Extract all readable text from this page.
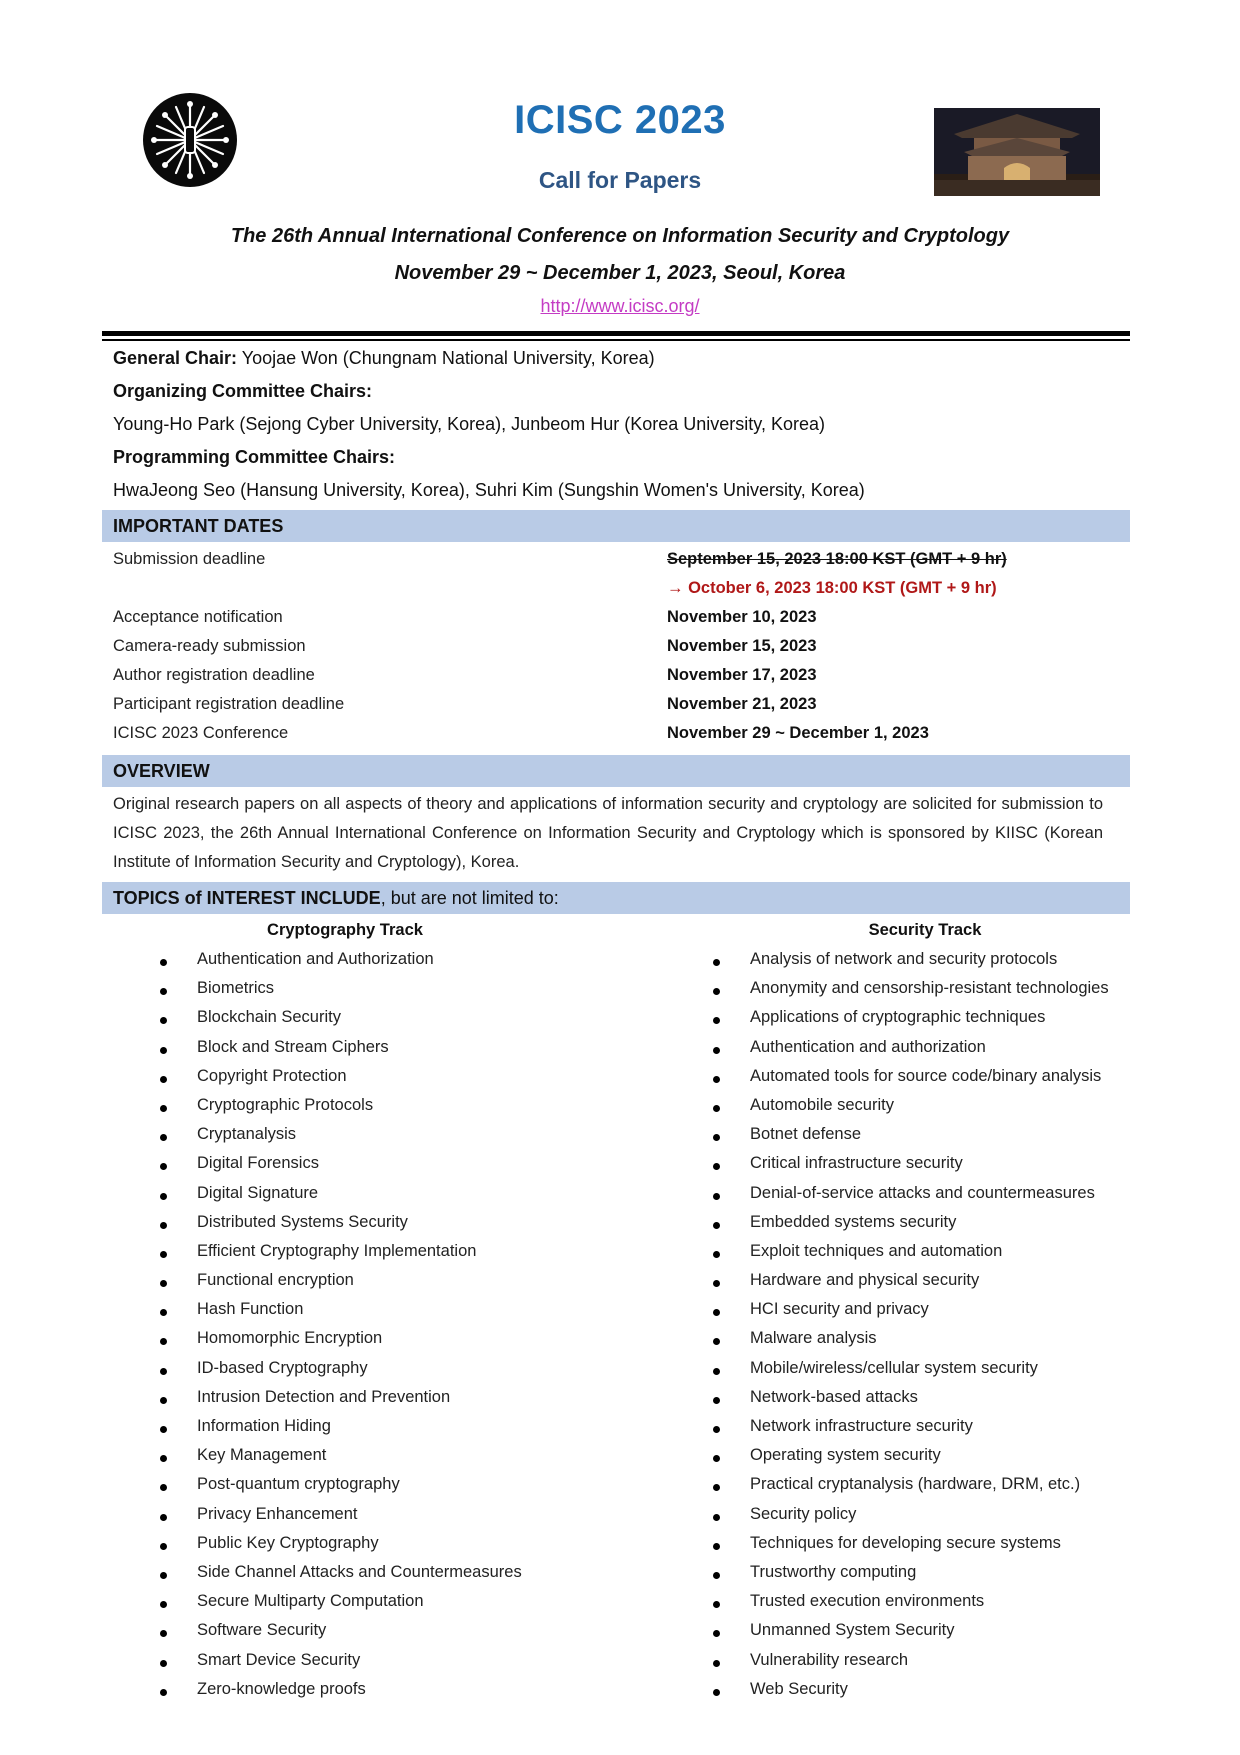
ICISC 2023
Call for Papers
The 26th Annual International Conference on Information Security and Cryptology
November 29 ~ December 1, 2023, Seoul, Korea
http://www.icisc.org/
General Chair: Yoojae Won (Chungnam National University, Korea)
Organizing Committee Chairs:
Young-Ho Park (Sejong Cyber University, Korea), Junbeom Hur (Korea University, Korea)
Programming Committee Chairs:
HwaJeong Seo (Hansung University, Korea), Suhri Kim (Sungshin Women's University, Korea)
IMPORTANT DATES
Submission deadline	September 15, 2023 18:00 KST (GMT + 9 hr)
→ October 6, 2023 18:00 KST (GMT + 9 hr)
Acceptance notification	November 10, 2023
Camera-ready submission	November 15, 2023
Author registration deadline	November 17, 2023
Participant registration deadline	November 21, 2023
ICISC 2023 Conference	November 29 ~ December 1, 2023
OVERVIEW
Original research papers on all aspects of theory and applications of information security and cryptology are solicited for submission to ICISC 2023, the 26th Annual International Conference on Information Security and Cryptology which is sponsored by KIISC (Korean Institute of Information Security and Cryptology), Korea.
TOPICS of INTEREST INCLUDE, but are not limited to:
Cryptography Track	Security Track
Authentication and Authorization
Biometrics
Blockchain Security
Block and Stream Ciphers
Copyright Protection
Cryptographic Protocols
Cryptanalysis
Digital Forensics
Digital Signature
Distributed Systems Security
Efficient Cryptography Implementation
Functional encryption
Hash Function
Homomorphic Encryption
ID-based Cryptography
Intrusion Detection and Prevention
Information Hiding
Key Management
Post-quantum cryptography
Privacy Enhancement
Public Key Cryptography
Side Channel Attacks and Countermeasures
Secure Multiparty Computation
Software Security
Smart Device Security
Zero-knowledge proofs
Analysis of network and security protocols
Anonymity and censorship-resistant technologies
Applications of cryptographic techniques
Authentication and authorization
Automated tools for source code/binary analysis
Automobile security
Botnet defense
Critical infrastructure security
Denial-of-service attacks and countermeasures
Embedded systems security
Exploit techniques and automation
Hardware and physical security
HCI security and privacy
Malware analysis
Mobile/wireless/cellular system security
Network-based attacks
Network infrastructure security
Operating system security
Practical cryptanalysis (hardware, DRM, etc.)
Security policy
Techniques for developing secure systems
Trustworthy computing
Trusted execution environments
Unmanned System Security
Vulnerability research
Web Security
